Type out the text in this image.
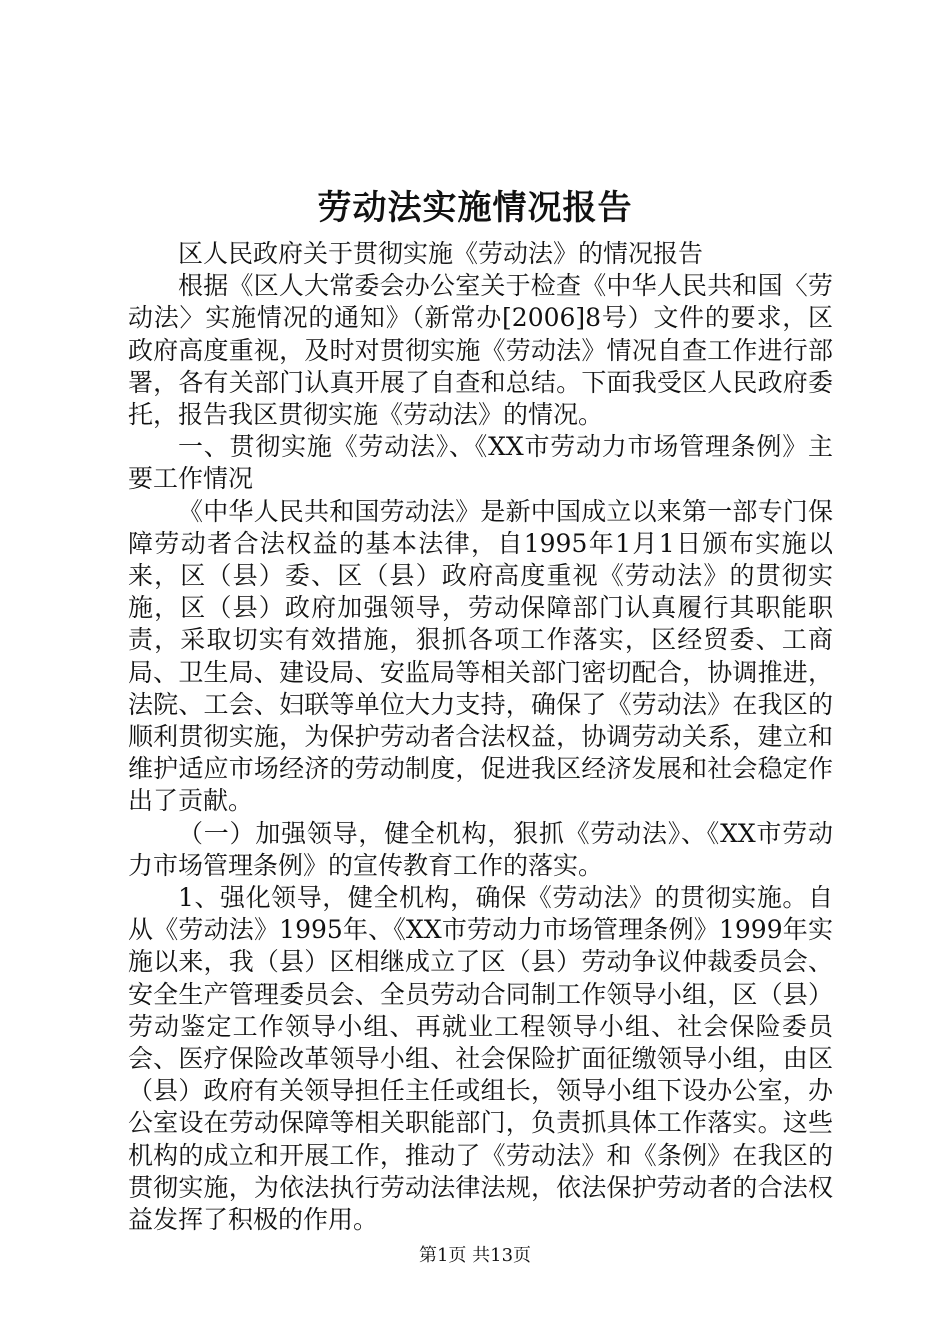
劳动法实施情况报告

区人民政府关于贯彻实施《劳动法》的情况报告

根据《区人大常委会办公室关于检查《中华人民共和国〈劳动法〉实施情况的通知》（新常办[2006]8号）文件的要求，区政府高度重视，及时对贯彻实施《劳动法》情况自查工作进行部署，各有关部门认真开展了自查和总结。下面我受区人民政府委托，报告我区贯彻实施《劳动法》的情况。

一、贯彻实施《劳动法》、《XX市劳动力市场管理条例》主要工作情况

《中华人民共和国劳动法》是新中国成立以来第一部专门保障劳动者合法权益的基本法律，自1995年1月1日颁布实施以来，区（县）委、区（县）政府高度重视《劳动法》的贯彻实施，区（县）政府加强领导，劳动保障部门认真履行其职能职责，采取切实有效措施，狠抓各项工作落实，区经贸委、工商局、卫生局、建设局、安监局等相关部门密切配合，协调推进，法院、工会、妇联等单位大力支持，确保了《劳动法》在我区的顺利贯彻实施，为保护劳动者合法权益，协调劳动关系，建立和维护适应市场经济的劳动制度，促进我区经济发展和社会稳定作出了贡献。

（一）加强领导，健全机构，狠抓《劳动法》、《XX市劳动力市场管理条例》的宣传教育工作的落实。

1、强化领导，健全机构，确保《劳动法》的贯彻实施。自从《劳动法》1995年、《XX市劳动力市场管理条例》1999年实施以来，我（县）区相继成立了区（县）劳动争议仲裁委员会、安全生产管理委员会、全员劳动合同制工作领导小组，区（县）劳动鉴定工作领导小组、再就业工程领导小组、社会保险委员会、医疗保险改革领导小组、社会保险扩面征缴领导小组，由区（县）政府有关领导担任主任或组长，领导小组下设办公室，办公室设在劳动保障等相关职能部门，负责抓具体工作落实。这些机构的成立和开展工作，推动了《劳动法》和《条例》在我区的贯彻实施，为依法执行劳动法律法规，依法保护劳动者的合法权益发挥了积极的作用。

第1页 共13页
